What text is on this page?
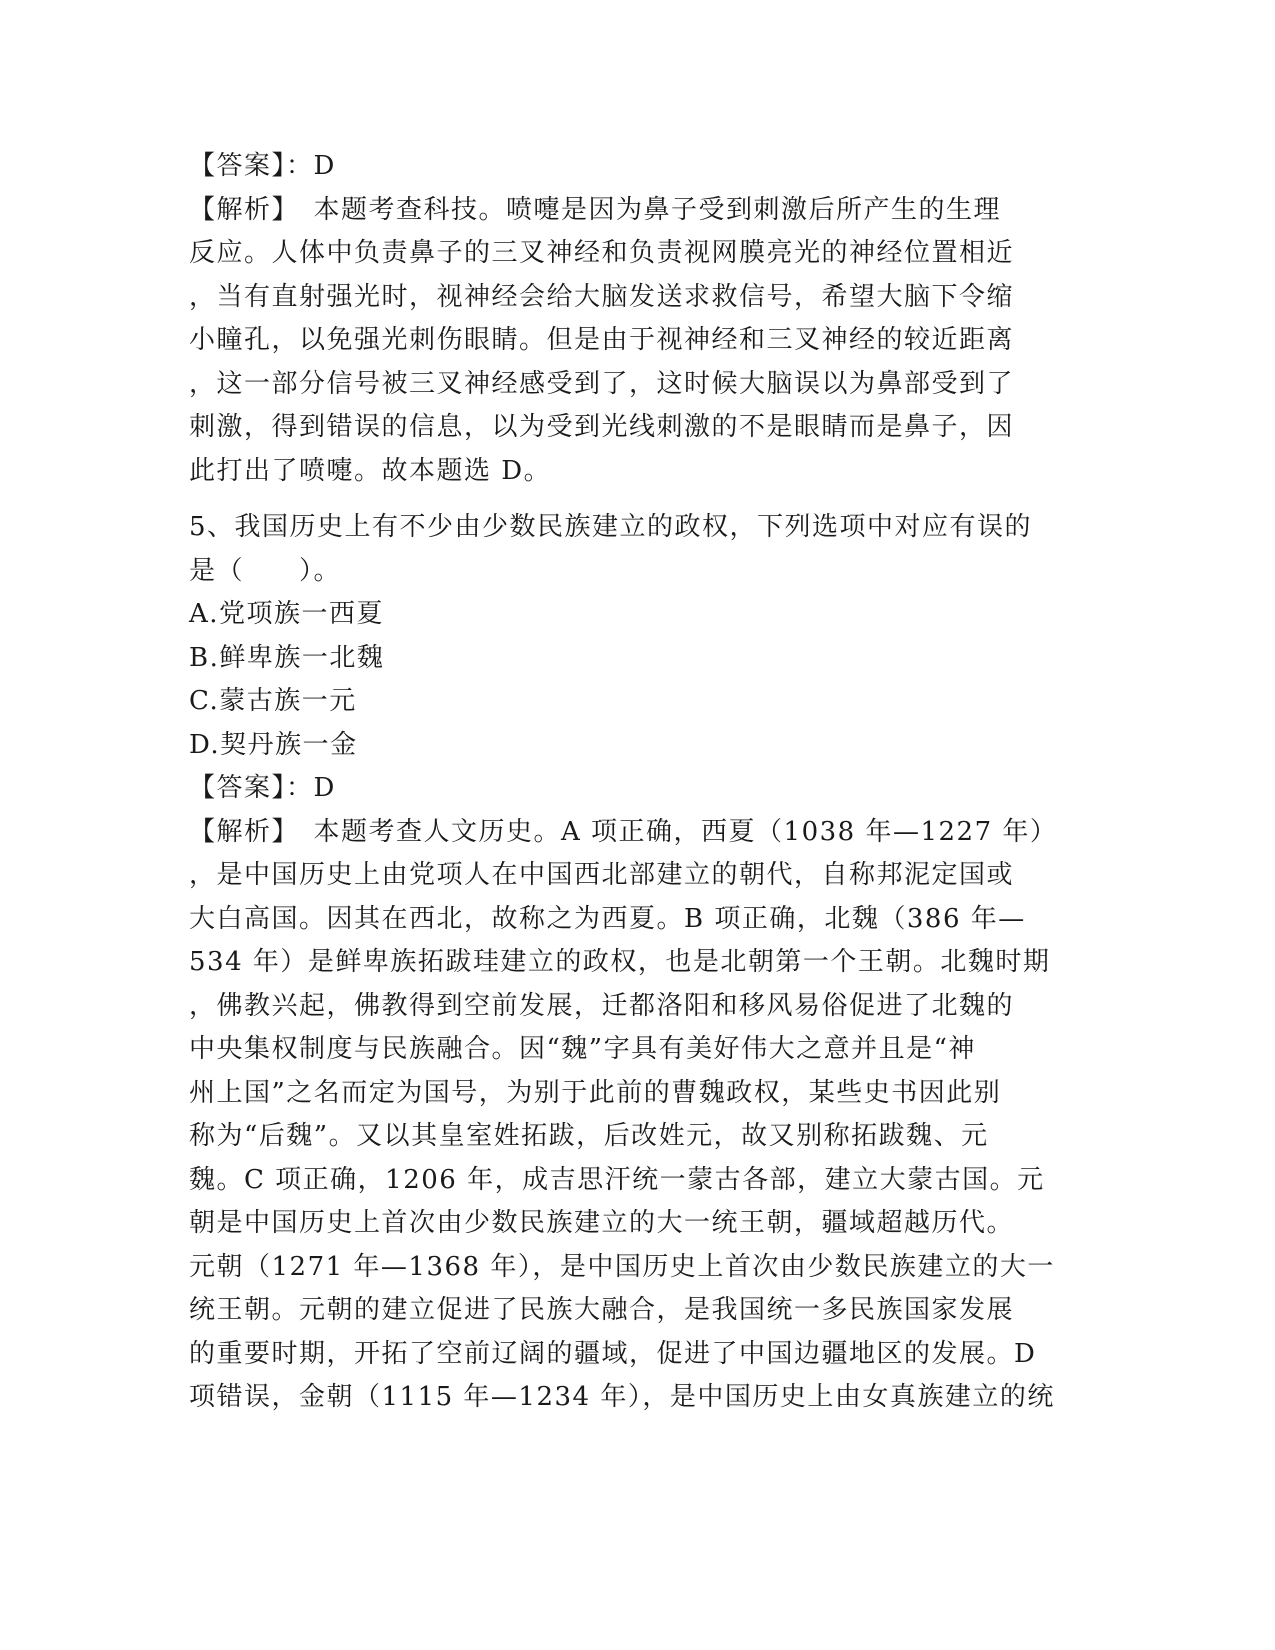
【答案】：D
【解析】　本题考查科技。喷嚏是因为鼻子受到刺激后所产生的生理
反应。人体中负责鼻子的三叉神经和负责视网膜亮光的神经位置相近
，当有直射强光时，视神经会给大脑发送求救信号，希望大脑下令缩
小瞳孔，以免强光刺伤眼睛。但是由于视神经和三叉神经的较近距离
，这一部分信号被三叉神经感受到了，这时候大脑误以为鼻部受到了
刺激，得到错误的信息，以为受到光线刺激的不是眼睛而是鼻子，因
此打出了喷嚏。故本题选 D。
5、我国历史上有不少由少数民族建立的政权，下列选项中对应有误的
是（　　）。
A.党项族一西夏
B.鲜卑族一北魏
C.蒙古族一元
D.契丹族一金
【答案】：D
【解析】　本题考查人文历史。A 项正确，西夏（1038 年—1227 年）
，是中国历史上由党项人在中国西北部建立的朝代，自称邦泥定国或
大白高国。因其在西北，故称之为西夏。B 项正确，北魏（386 年—
534 年）是鲜卑族拓跋珪建立的政权，也是北朝第一个王朝。北魏时期
，佛教兴起，佛教得到空前发展，迁都洛阳和移风易俗促进了北魏的
中央集权制度与民族融合。因“魏”字具有美好伟大之意并且是“神
州上国”之名而定为国号，为别于此前的曹魏政权，某些史书因此别
称为“后魏”。又以其皇室姓拓跋，后改姓元，故又别称拓跋魏、元
魏。C 项正确，1206 年，成吉思汗统一蒙古各部，建立大蒙古国。元
朝是中国历史上首次由少数民族建立的大一统王朝，疆域超越历代。
元朝（1271 年—1368 年），是中国历史上首次由少数民族建立的大一
统王朝。元朝的建立促进了民族大融合，是我国统一多民族国家发展
的重要时期，开拓了空前辽阔的疆域，促进了中国边疆地区的发展。D
项错误，金朝（1115 年—1234 年），是中国历史上由女真族建立的统
